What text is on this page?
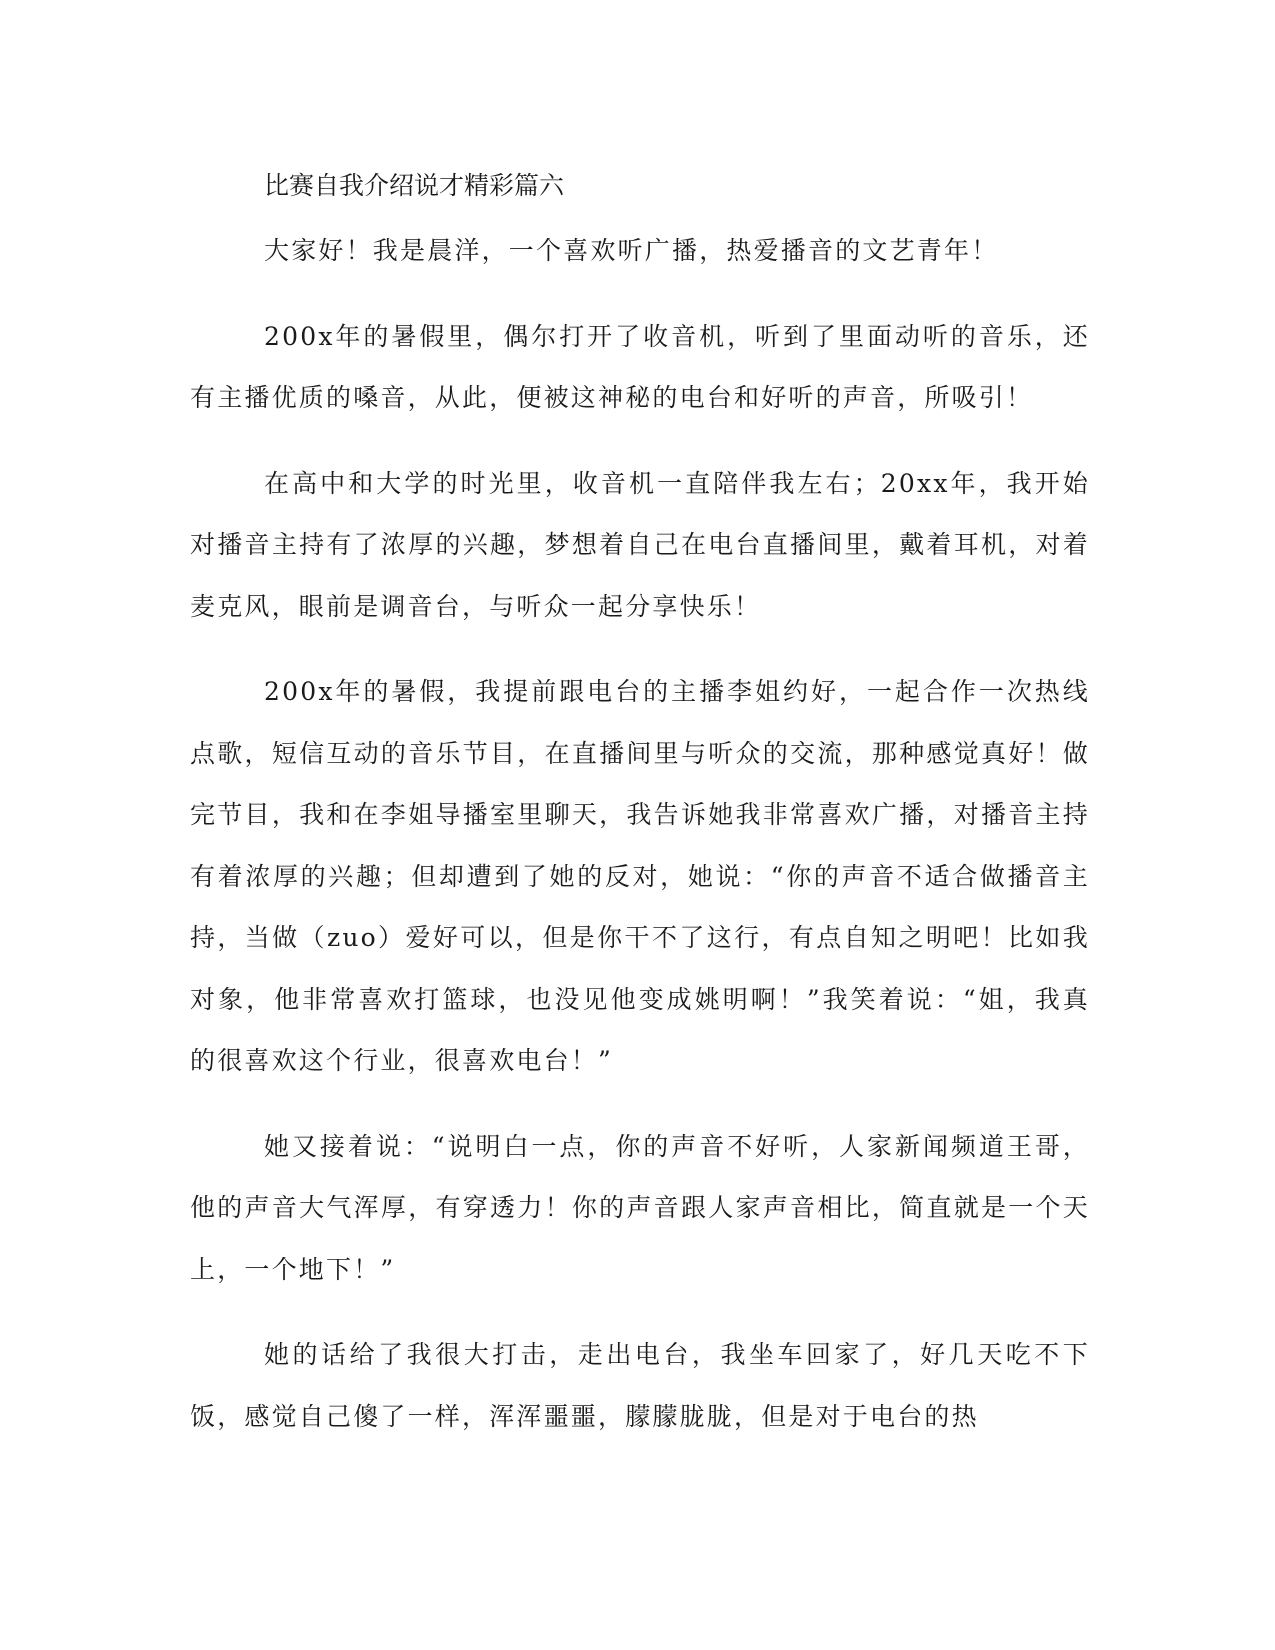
比赛自我介绍说才精彩篇六

大家好！我是晨洋，一个喜欢听广播，热爱播音的文艺青年！

200x年的暑假里，偶尔打开了收音机，听到了里面动听的音乐，还有主播优质的嗓音，从此，便被这神秘的电台和好听的声音，所吸引！

在高中和大学的时光里，收音机一直陪伴我左右；20xx年，我开始对播音主持有了浓厚的兴趣，梦想着自己在电台直播间里，戴着耳机，对着麦克风，眼前是调音台，与听众一起分享快乐！

200x年的暑假，我提前跟电台的主播李姐约好，一起合作一次热线点歌，短信互动的音乐节目，在直播间里与听众的交流，那种感觉真好！做完节目，我和在李姐导播室里聊天，我告诉她我非常喜欢广播，对播音主持有着浓厚的兴趣；但却遭到了她的反对，她说：“你的声音不适合做播音主持，当做（zuo）爱好可以，但是你干不了这行，有点自知之明吧！比如我对象，他非常喜欢打篮球，也没见他变成姚明啊！”我笑着说：“姐，我真的很喜欢这个行业，很喜欢电台！”

她又接着说：“说明白一点，你的声音不好听，人家新闻频道王哥，他的声音大气浑厚，有穿透力！你的声音跟人家声音相比，简直就是一个天上，一个地下！”

她的话给了我很大打击，走出电台，我坐车回家了，好几天吃不下饭，感觉自己傻了一样，浑浑噩噩，朦朦胧胧，但是对于电台的热
